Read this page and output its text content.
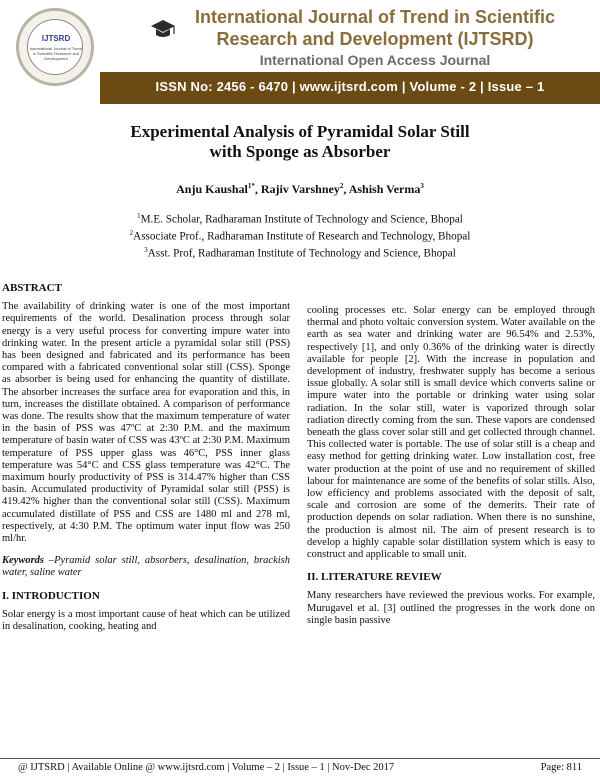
IJTSRD
International Journal of Trend in Scientific Research and Development
International Journal of Trend in Scientific
Research and Development (IJTSRD)
International Open Access Journal
ISSN No: 2456 - 6470 | www.ijtsrd.com | Volume - 2 | Issue – 1
Experimental Analysis of Pyramidal Solar Still
with Sponge as Absorber
Anju Kaushal$^{1*}$, Rajiv Varshney$^2$, Ashish Verma$^3$
$^1$M.E. Scholar, Radharaman Institute of Technology and Science, Bhopal
$^2$Associate Prof., Radharaman Institute of Research and Technology, Bhopal
$^3$Asst. Prof, Radharaman Institute of Technology and Science, Bhopal
ABSTRACT
The availability of drinking water is one of the most important requirements of the world. Desalination process through solar energy is a very useful process for converting impure water into drinking water. In the present article a pyramidal solar still (PSS) has been designed and fabricated and its performance has been compared with a fabricated conventional solar still (CSS). Sponge as absorber is being used for enhancing the quantity of distillate. The absorber increases the surface area for evaporation and this, in turn, increases the distillate obtained. A comparison of performance was done. The results show that the maximum temperature of water in the basin of PSS was 47ºC at 2:30 P.M. and the maximum temperature of basin water of CSS was 43ºC at 2:30 P.M. Maximum temperature of PSS upper glass was 46°C, PSS inner glass temperature was 54°C and CSS glass temperature was 42°C. The maximum hourly productivity of PSS is 314.47% higher than CSS basin. Accumulated productivity of Pyramidal solar still (PSS) is 419.42% higher than the conventional solar still (CSS). Maximum accumulated distillate of PSS and CSS are 1480 ml and 278 ml, respectively, at 4:30 P.M. The optimum water input flow was 250 ml/hr.
Keywords –Pyramid solar still, absorbers, desalination, brackish water, saline water
I. INTRODUCTION
Solar energy is a most important cause of heat which can be utilized in desalination, cooking, heating and
cooling processes etc. Solar energy can be employed through thermal and photo voltaic conversion system. Water available on the earth as sea water and drinking water are 96.54% and 2.53%, respectively [1], and only 0.36% of the drinking water is directly available for people [2]. With the increase in population and development of industry, freshwater supply has become a serious issue globally. A solar still is small device which converts saline or impure water into the portable or drinking water using solar radiation. In the solar still, water is vaporized through solar radiation directly coming from the sun. These vapors are condensed beneath the glass cover solar still and get collected through channel. This collected water is portable. The use of solar still is a cheap and easy method for getting drinking water. Low installation cost, free water production at the point of use and no requirement of skilled labour for maintenance are some of the benefits of solar stills. Also, low efficiency and problems associated with the deposit of salt, scale and corrosion are some of the demerits. Their rate of production depends on solar radiation. When there is no sunshine, the production is almost nil. The aim of present research is to develop a highly capable solar distillation system which is easy to construct and applicable to small unit.
II. LITERATURE REVIEW
Many researchers have reviewed the previous works. For example, Murugavel et al. [3] outlined the progresses in the work done on single basin passive
@ IJTSRD | Available Online @ www.ijtsrd.com | Volume – 2 | Issue – 1 | Nov-Dec 2017	Page: 811
